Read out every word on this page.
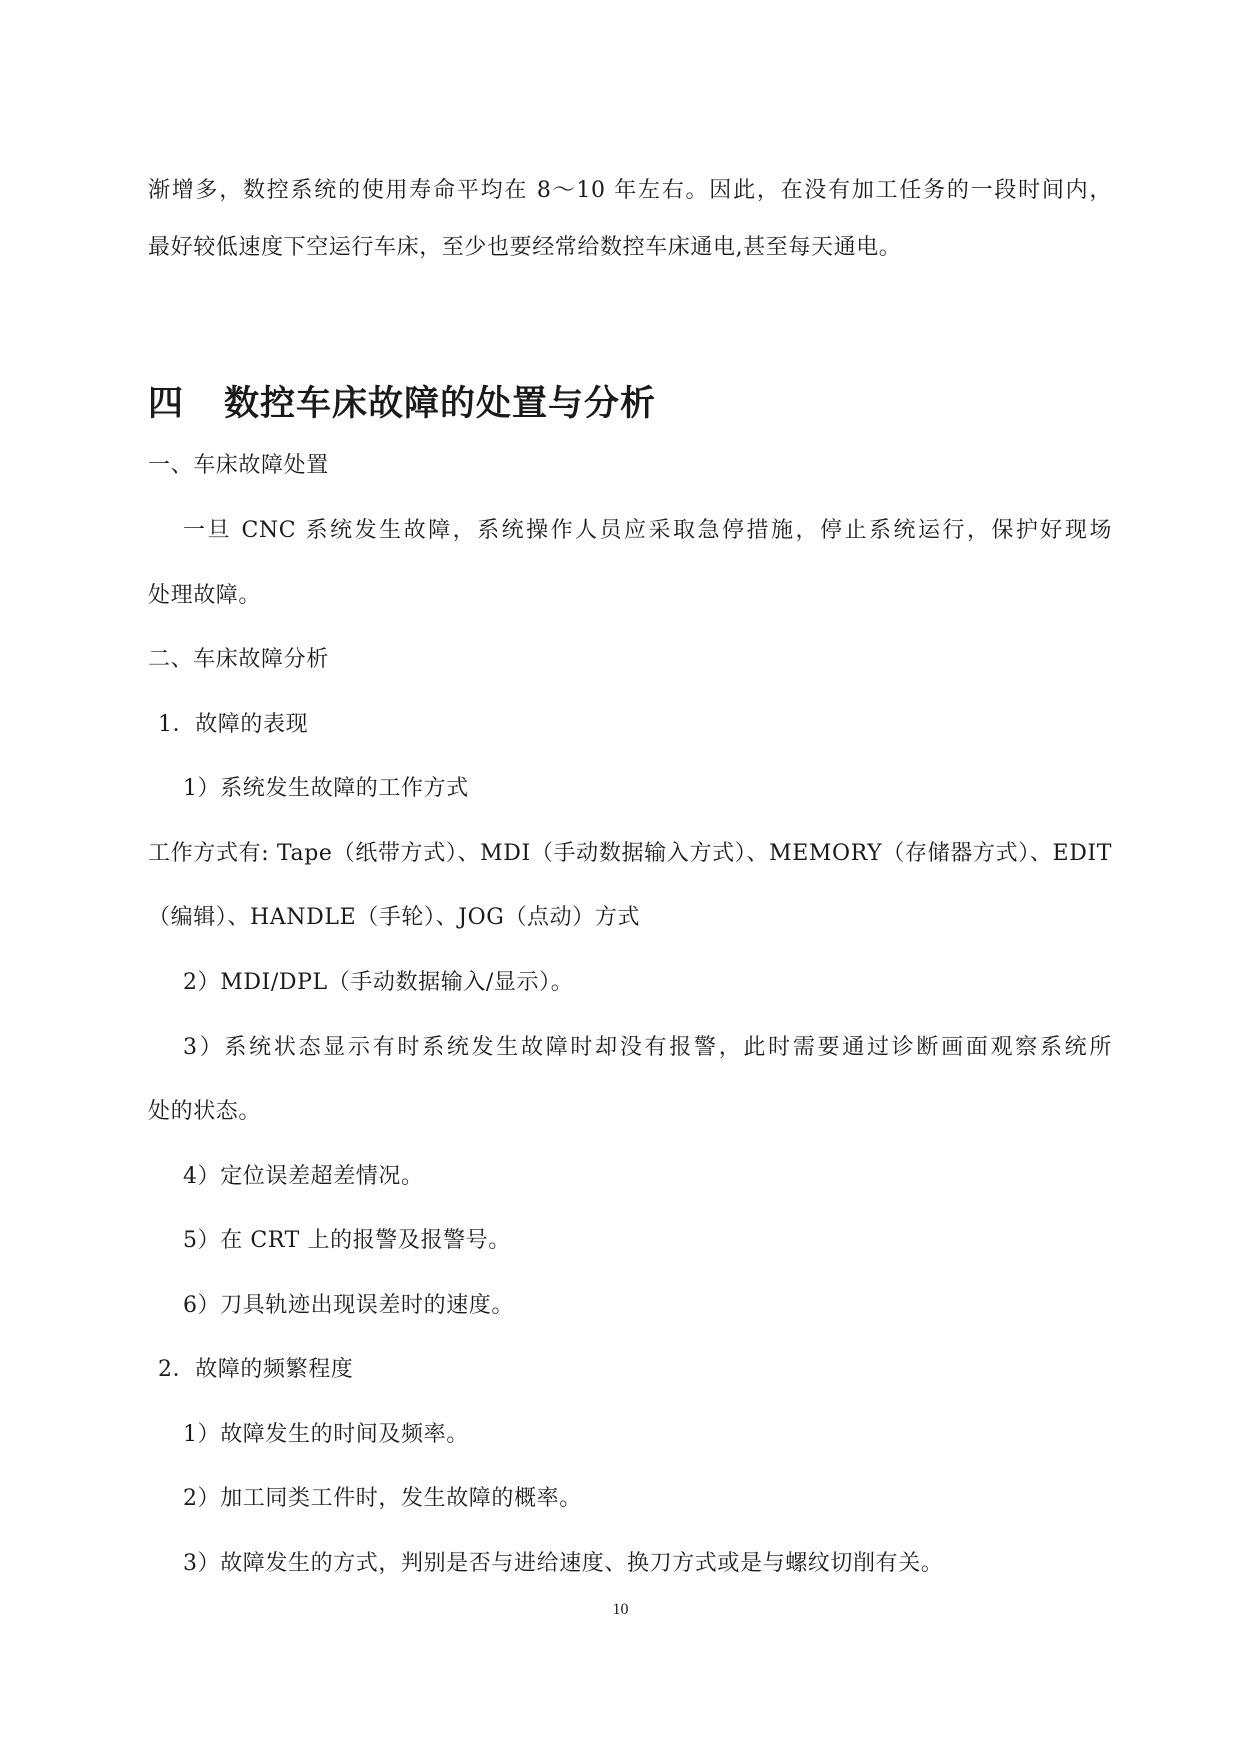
渐增多，数控系统的使用寿命平均在 8～10 年左右。因此，在没有加工任务的一段时间内，
最好较低速度下空运行车床，至少也要经常给数控车床通电,甚至每天通电。
四 数控车床故障的处置与分析
一、车床故障处置
一旦 CNC 系统发生故障，系统操作人员应采取急停措施，停止系统运行，保护好现场
处理故障。
二、车床故障分析
1．故障的表现
1）系统发生故障的工作方式
工作方式有: Tape（纸带方式）、MDI（手动数据输入方式）、MEMORY（存储器方式）、EDIT
（编辑）、HANDLE（手轮）、JOG（点动）方式
2）MDI/DPL（手动数据输入/显示）。
3）系统状态显示有时系统发生故障时却没有报警，此时需要通过诊断画面观察系统所
处的状态。
4）定位误差超差情况。
5）在 CRT 上的报警及报警号。
6）刀具轨迹出现误差时的速度。
2．故障的频繁程度
1）故障发生的时间及频率。
2）加工同类工件时，发生故障的概率。
3）故障发生的方式，判别是否与进给速度、换刀方式或是与螺纹切削有关。
10
